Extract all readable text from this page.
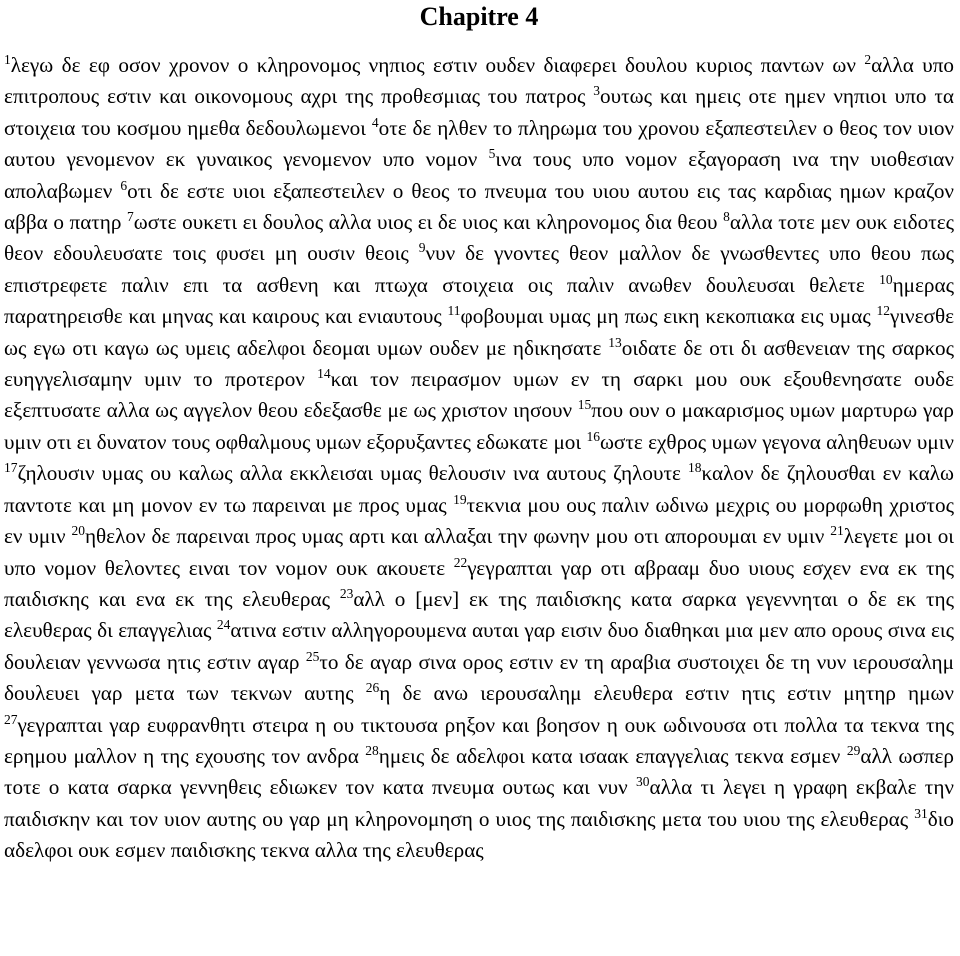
Chapitre 4
$^1$λεγω δε εφ οσον χρονον ο κληρονομος νηπιος εστιν ουδεν διαφερει δουλου κυριος παντων ων $^2$αλλα υπο επιτροπους εστιν και οικονομους αχρι της προθεσμιας του πατρος $^3$ουτως και ημεις οτε ημεν νηπιοι υπο τα στοιχεια του κοσμου ημεθα δεδουλωμενοι $^4$οτε δε ηλθεν το πληρωμα του χρονου εξαπεστειλεν ο θεος τον υιον αυτου γενομενον εκ γυναικος γενομενον υπο νομον $^5$ινα τους υπο νομον εξαγοραση ινα την υιοθεσιαν απολαβωμεν $^6$οτι δε εστε υιοι εξαπεστειλεν ο θεος το πνευμα του υιου αυτου εις τας καρδιας ημων κραζον αββα ο πατηρ $^7$ωστε ουκετι ει δουλος αλλα υιος ει δε υιος και κληρονομος δια θεου $^8$αλλα τοτε μεν ουκ ειδοτες θεον εδουλευσατε τοις φυσει μη ουσιν θεοις $^9$νυν δε γνοντες θεον μαλλον δε γνωσθεντες υπο θεου πως επιστρεφετε παλιν επι τα ασθενη και πτωχα στοιχεια οις παλιν ανωθεν δουλευσαι θελετε $^{10}$ημερας παρατηρεισθε και μηνας και καιρους και ενιαυτους $^{11}$φοβουμαι υμας μη πως εικη κεκοπιακα εις υμας $^{12}$γινεσθε ως εγω οτι καγω ως υμεις αδελφοι δεομαι υμων ουδεν με ηδικησατε $^{13}$οιδατε δε οτι δι ασθενειαν της σαρκος ευηγγελισαμην υμιν το προτερον $^{14}$και τον πειρασμον υμων εν τη σαρκι μου ουκ εξουθενησατε ουδε εξεπτυσατε αλλα ως αγγελον θεου εδεξασθε με ως χριστον ιησουν $^{15}$που ουν ο μακαρισμος υμων μαρτυρω γαρ υμιν οτι ει δυνατον τους οφθαλμους υμων εξορυξαντες εδωκατε μοι $^{16}$ωστε εχθρος υμων γεγονα αληθευων υμιν $^{17}$ζηλουσιν υμας ου καλως αλλα εκκλεισαι υμας θελουσιν ινα αυτους ζηλουτε $^{18}$καλον δε ζηλουσθαι εν καλω παντοτε και μη μονον εν τω παρειναι με προς υμας $^{19}$τεκνια μου ους παλιν ωδινω μεχρις ου μορφωθη χριστος εν υμιν $^{20}$ηθελον δε παρειναι προς υμας αρτι και αλλαξαι την φωνην μου οτι απορουμαι εν υμιν $^{21}$λεγετε μοι οι υπο νομον θελοντες ειναι τον νομον ουκ ακουετε $^{22}$γεγραπται γαρ οτι αβρααμ δυο υιους εσχεν ενα εκ της παιδισκης και ενα εκ της ελευθερας $^{23}$αλλ ο [μεν] εκ της παιδισκης κατα σαρκα γεγεννηται ο δε εκ της ελευθερας δι επαγγελιας $^{24}$ατινα εστιν αλληγορουμενα αυται γαρ εισιν δυο διαθηκαι μια μεν απο ορους σινα εις δουλειαν γεννωσα ητις εστιν αγαρ $^{25}$το δε αγαρ σινα ορος εστιν εν τη αραβια συστοιχει δε τη νυν ιερουσαλημ δουλευει γαρ μετα των τεκνων αυτης $^{26}$η δε ανω ιερουσαλημ ελευθερα εστιν ητις εστιν μητηρ ημων $^{27}$γεγραπται γαρ ευφρανθητι στειρα η ου τικτουσα ρηξον και βοησον η ουκ ωδινουσα οτι πολλα τα τεκνα της ερημου μαλλον η της εχουσης τον ανδρα $^{28}$ημεις δε αδελφοι κατα ισαακ επαγγελιας τεκνα εσμεν $^{29}$αλλ ωσπερ τοτε ο κατα σαρκα γεννηθεις εδιωκεν τον κατα πνευμα ουτως και νυν $^{30}$αλλα τι λεγει η γραφη εκβαλε την παιδισκην και τον υιον αυτης ου γαρ μη κληρονομηση ο υιος της παιδισκης μετα του υιου της ελευθερας $^{31}$διο αδελφοι ουκ εσμεν παιδισκης τεκνα αλλα της ελευθερας
